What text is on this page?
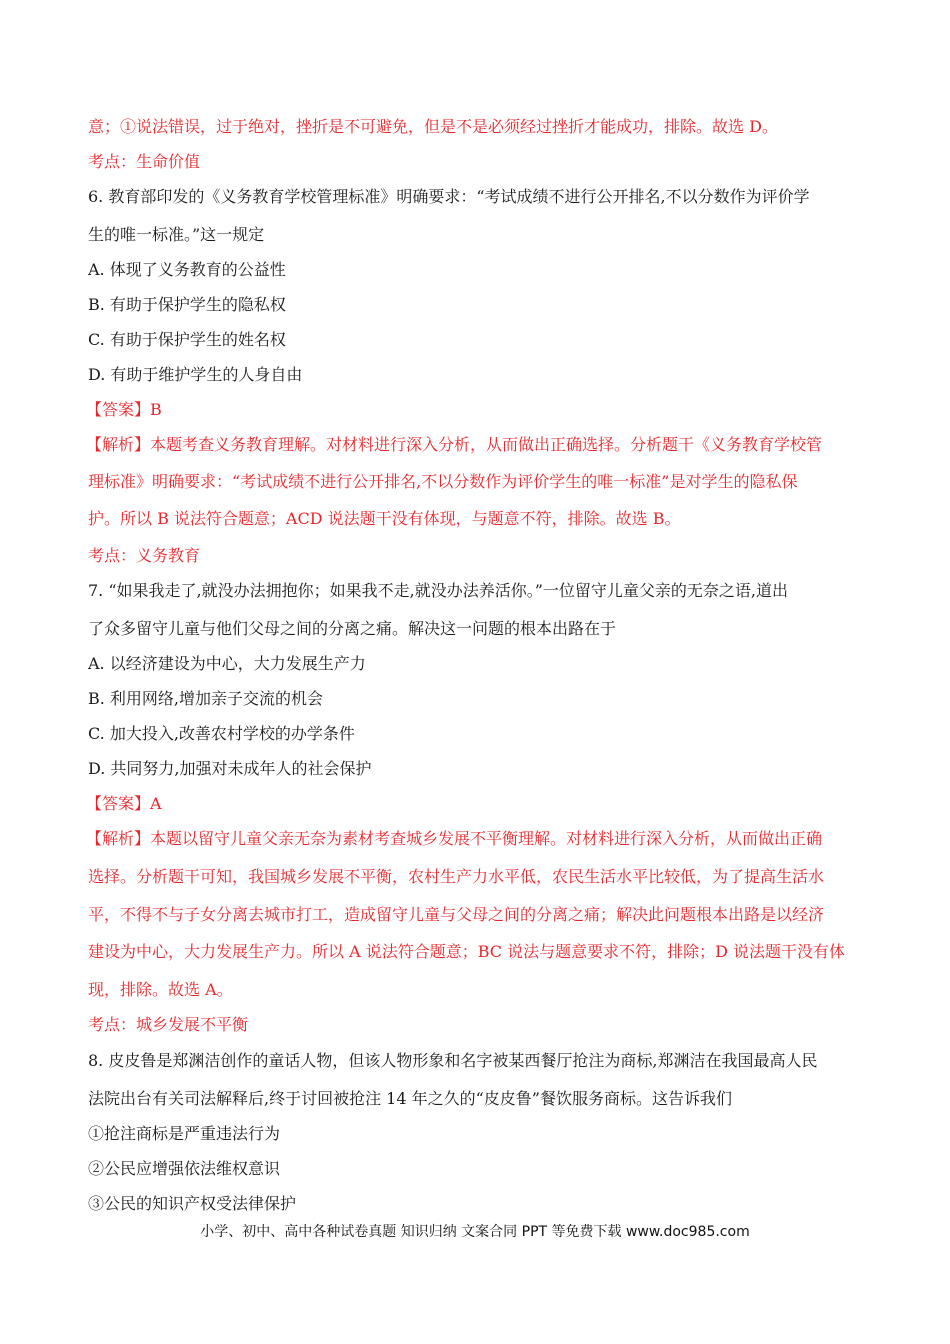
意；①说法错误，过于绝对，挫折是不可避免，但是不是必须经过挫折才能成功，排除。故选 D。
考点：生命价值
6. 教育部印发的《义务教育学校管理标准》明确要求：“考试成绩不进行公开排名,不以分数作为评价学
生的唯一标准。”这一规定
A. 体现了义务教育的公益性
B. 有助于保护学生的隐私权
C. 有助于保护学生的姓名权
D. 有助于维护学生的人身自由
【答案】B
【解析】本题考查义务教育理解。对材料进行深入分析，从而做出正确选择。分析题干《义务教育学校管
理标准》明确要求：“考试成绩不进行公开排名,不以分数作为评价学生的唯一标准”是对学生的隐私保
护。所以 B 说法符合题意；ACD 说法题干没有体现，与题意不符，排除。故选 B。
考点：义务教育
7. “如果我走了,就没办法拥抱你；如果我不走,就没办法养活你。”一位留守儿童父亲的无奈之语,道出
了众多留守儿童与他们父母之间的分离之痛。解决这一问题的根本出路在于
A. 以经济建设为中心，大力发展生产力
B. 利用网络,增加亲子交流的机会
C. 加大投入,改善农村学校的办学条件
D. 共同努力,加强对未成年人的社会保护
【答案】A
【解析】本题以留守儿童父亲无奈为素材考查城乡发展不平衡理解。对材料进行深入分析，从而做出正确
选择。分析题干可知，我国城乡发展不平衡，农村生产力水平低，农民生活水平比较低，为了提高生活水
平，不得不与子女分离去城市打工，造成留守儿童与父母之间的分离之痛；解决此问题根本出路是以经济
建设为中心，大力发展生产力。所以 A 说法符合题意；BC 说法与题意要求不符，排除；D 说法题干没有体
现，排除。故选 A。
考点：城乡发展不平衡
8. 皮皮鲁是郑渊洁创作的童话人物，但该人物形象和名字被某西餐厅抢注为商标,郑渊洁在我国最高人民
法院出台有关司法解释后,终于讨回被抢注 14 年之久的“皮皮鲁”餐饮服务商标。这告诉我们
①抢注商标是严重违法行为
②公民应增强依法维权意识
③公民的知识产权受法律保护
小学、初中、高中各种试卷真题 知识归纳 文案合同 PPT 等免费下载 www.doc985.com
